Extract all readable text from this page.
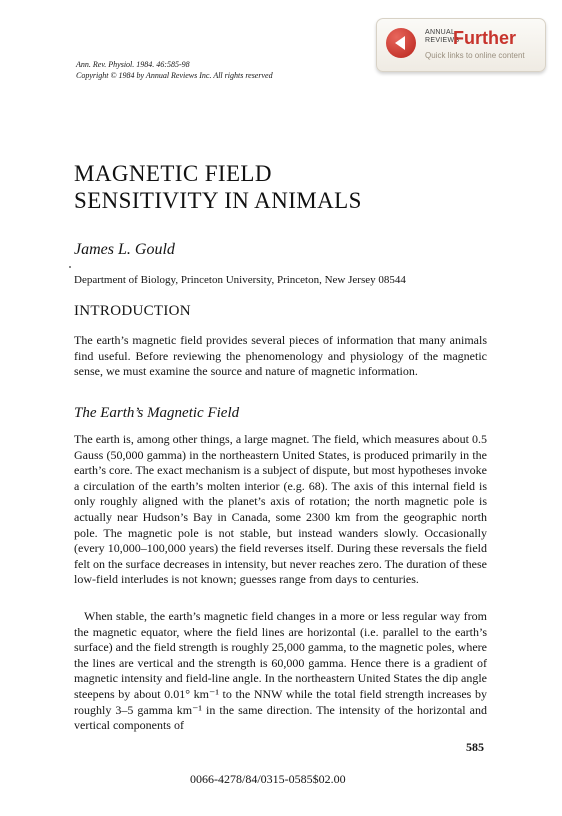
ANNUAL
REVIEWS
Further
Quick links to online content
Ann. Rev. Physiol. 1984. 46:585-98
Copyright © 1984 by Annual Reviews Inc. All rights reserved
MAGNETIC FIELD
SENSITIVITY IN ANIMALS
James L. Gould
Department of Biology, Princeton University, Princeton, New Jersey 08544
INTRODUCTION

The earth’s magnetic field provides several pieces of information that many animals find useful. Before reviewing the phenomenology and physiology of the magnetic sense, we must examine the source and nature of magnetic information.

The Earth’s Magnetic Field

The earth is, among other things, a large magnet. The field, which measures about 0.5 Gauss (50,000 gamma) in the northeastern United States, is produced primarily in the earth’s core. The exact mechanism is a subject of dispute, but most hypotheses invoke a circulation of the earth’s molten interior (e.g. 68). The axis of this internal field is only roughly aligned with the planet’s axis of rotation; the north magnetic pole is actually near Hudson’s Bay in Canada, some 2300 km from the geographic north pole. The magnetic pole is not stable, but instead wanders slowly. Occasionally (every 10,000–100,000 years) the field reverses itself. During these reversals the field felt on the surface decreases in intensity, but never reaches zero. The duration of these low-field interludes is not known; guesses range from days to centuries.

When stable, the earth’s magnetic field changes in a more or less regular way from the magnetic equator, where the field lines are horizontal (i.e. parallel to the earth’s surface) and the field strength is roughly 25,000 gamma, to the magnetic poles, where the lines are vertical and the strength is 60,000 gamma. Hence there is a gradient of magnetic intensity and field-line angle. In the northeastern United States the dip angle steepens by about 0.01° km⁻¹ to the NNW while the total field strength increases by roughly 3–5 gamma km⁻¹ in the same direction. The intensity of the horizontal and vertical components of

585
0066-4278/84/0315-0585$02.00
